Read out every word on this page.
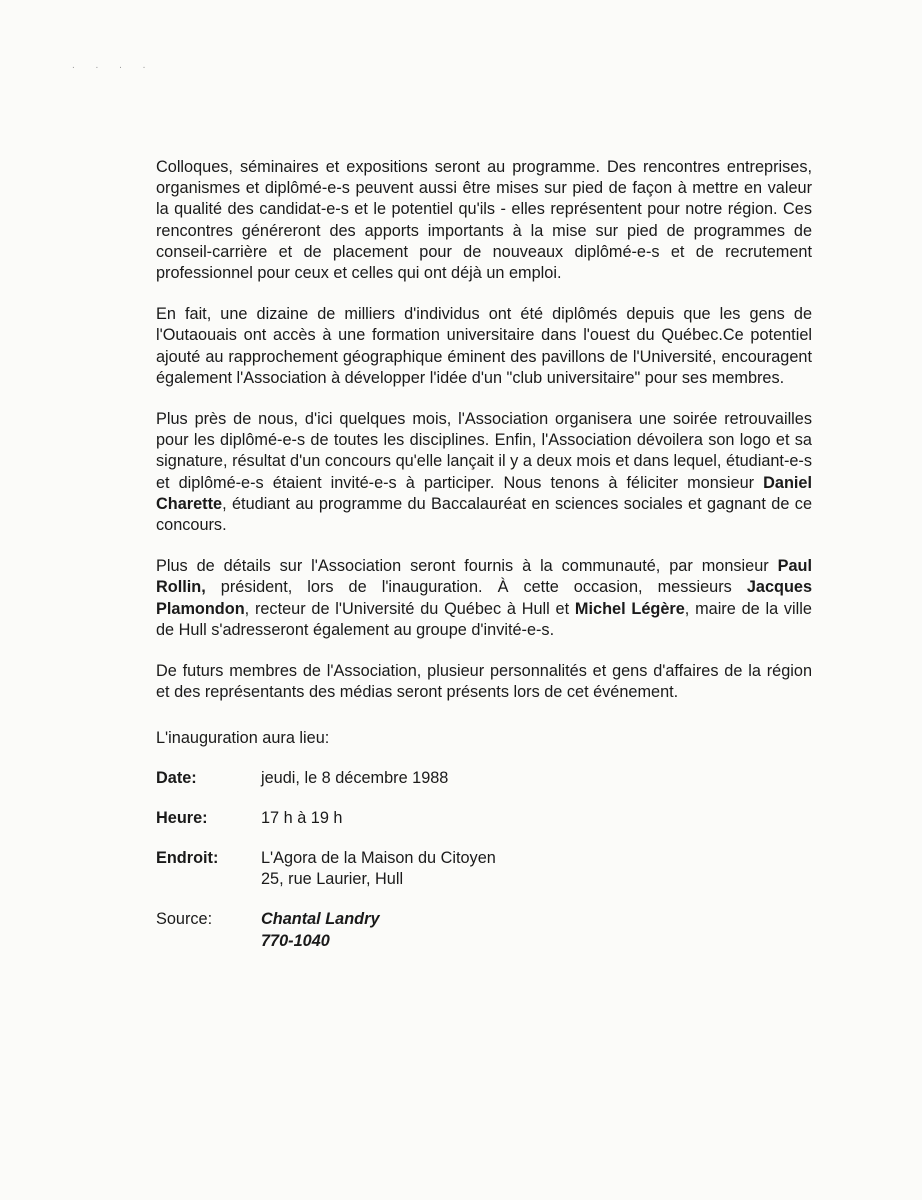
. . . .

Colloques, séminaires et expositions seront au programme. Des rencontres entreprises, organismes et diplômé-e-s peuvent aussi être mises sur pied de façon à mettre en valeur la qualité des candidat-e-s et le potentiel qu'ils - elles représentent pour notre région. Ces rencontres généreront des apports importants à la mise sur pied de programmes de conseil-carrière et de placement pour de nouveaux diplômé-e-s et de recrutement professionnel pour ceux et celles qui ont déjà un emploi.

En fait, une dizaine de milliers d'individus ont été diplômés depuis que les gens de l'Outaouais ont accès à une formation universitaire dans l'ouest du Québec.Ce potentiel ajouté au rapprochement géographique éminent des pavillons de l'Université, encouragent également l'Association à développer l'idée d'un "club universitaire" pour ses membres.

Plus près de nous, d'ici quelques mois, l'Association organisera une soirée retrouvailles pour les diplômé-e-s de toutes les disciplines. Enfin, l'Association dévoilera son logo et sa signature, résultat d'un concours qu'elle lançait il y a deux mois et dans lequel, étudiant-e-s et diplômé-e-s étaient invité-e-s à participer. Nous tenons à féliciter monsieur Daniel Charette, étudiant au programme du Baccalauréat en sciences sociales et gagnant de ce concours.

Plus de détails sur l'Association seront fournis à la communauté, par monsieur Paul Rollin, président, lors de l'inauguration. À cette occasion, messieurs Jacques Plamondon, recteur de l'Université du Québec à Hull et Michel Légère, maire de la ville de Hull s'adresseront également au groupe d'invité-e-s.

De futurs membres de l'Association, plusieur personnalités et gens d'affaires de la région et des représentants des médias seront présents lors de cet événement.

L'inauguration aura lieu:

Date:	jeudi, le 8 décembre 1988
Heure:	17 h à 19 h
Endroit:	L'Agora de la Maison du Citoyen
25, rue Laurier, Hull
Source:	Chantal Landry
770-1040
